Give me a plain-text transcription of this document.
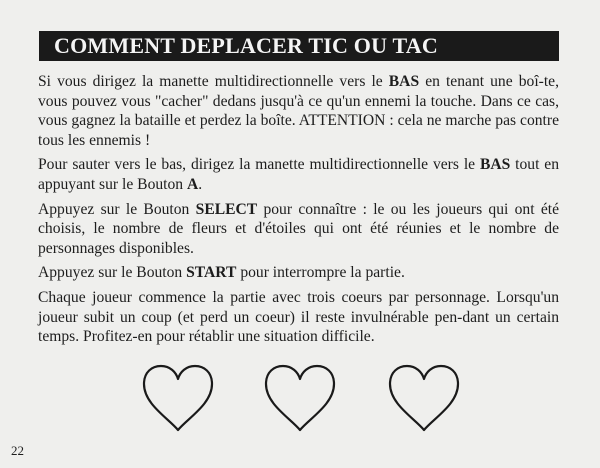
COMMENT DEPLACER TIC OU TAC

Si vous dirigez la manette multidirectionnelle vers le BAS en tenant une boî-te, vous pouvez vous "cacher" dedans jusqu'à ce qu'un ennemi la touche. Dans ce cas, vous gagnez la bataille et perdez la boîte. ATTENTION : cela ne marche pas contre tous les ennemis !

Pour sauter vers le bas, dirigez la manette multidirectionnelle vers le BAS tout en appuyant sur le Bouton A.

Appuyez sur le Bouton SELECT pour connaître : le ou les joueurs qui ont été choisis, le nombre de fleurs et d'étoiles qui ont été réunies et le nombre de personnages disponibles.

Appuyez sur le Bouton START pour interrompre la partie.

Chaque joueur commence la partie avec trois coeurs par personnage. Lorsqu'un joueur subit un coup (et perd un coeur) il reste invulnérable pen-dant un certain temps. Profitez-en pour rétablir une situation difficile.

22
